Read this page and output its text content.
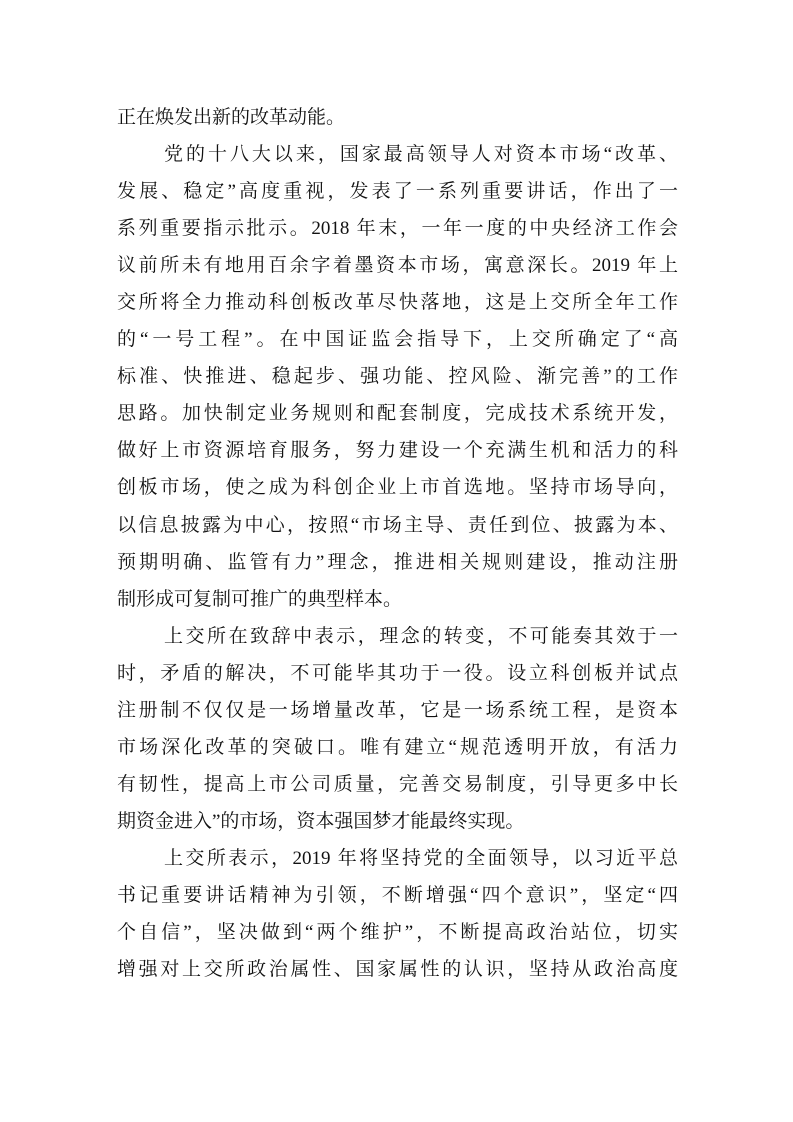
正在焕发出新的改革动能。
党的十八大以来，国家最高领导人对资本市场“改革、
发展、稳定”高度重视，发表了一系列重要讲话，作出了一
系列重要指示批示。2018 年末，一年一度的中央经济工作会
议前所未有地用百余字着墨资本市场，寓意深长。2019 年上
交所将全力推动科创板改革尽快落地，这是上交所全年工作
的“一号工程”。在中国证监会指导下，上交所确定了“高
标准、快推进、稳起步、强功能、控风险、渐完善”的工作
思路。加快制定业务规则和配套制度，完成技术系统开发，
做好上市资源培育服务，努力建设一个充满生机和活力的科
创板市场，使之成为科创企业上市首选地。坚持市场导向，
以信息披露为中心，按照“市场主导、责任到位、披露为本、
预期明确、监管有力”理念，推进相关规则建设，推动注册
制形成可复制可推广的典型样本。
上交所在致辞中表示，理念的转变，不可能奏其效于一
时，矛盾的解决，不可能毕其功于一役。设立科创板并试点
注册制不仅仅是一场增量改革，它是一场系统工程，是资本
市场深化改革的突破口。唯有建立“规范透明开放，有活力
有韧性，提高上市公司质量，完善交易制度，引导更多中长
期资金进入”的市场，资本强国梦才能最终实现。
上交所表示，2019 年将坚持党的全面领导，以习近平总
书记重要讲话精神为引领，不断增强“四个意识”，坚定“四
个自信”，坚决做到“两个维护”，不断提高政治站位，切实
增强对上交所政治属性、国家属性的认识，坚持从政治高度
